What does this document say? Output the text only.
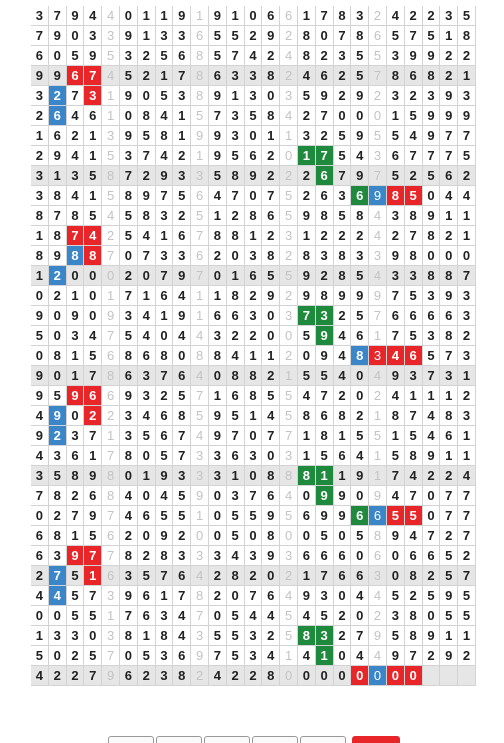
3 7 9 4 4 0 1 1 9 1 9 1 0 6 6 1 7 8 3 2 4 2 2 3 5
7 9 0 3 3 9 1 3 3 6 5 5 2 9 2 8 0 7 8 6 5 7 5 1 8
6 0 5 9 5 3 2 5 6 8 5 7 4 2 4 8 2 3 5 5 3 9 9 2 2
9 9 6 7 4 5 2 1 7 8 6 3 3 8 2 4 6 2 5 7 8 6 8 2 1
3 2 7 3 1 9 0 5 3 8 9 1 3 0 3 5 9 2 9 2 3 2 3 9 3
2 6 4 6 1 0 8 4 1 5 7 3 5 8 4 2 7 0 0 0 1 5 9 9 9
1 6 2 1 3 9 5 8 1 9 9 3 0 1 1 3 2 5 9 5 5 4 9 7 7
2 9 4 1 5 3 7 4 2 1 9 5 6 2 0 1 7 5 4 3 6 7 7 7 5
3 1 3 5 8 7 2 9 3 3 5 8 9 2 2 2 6 7 9 7 5 2 5 6 2
3 8 4 1 5 8 9 7 5 6 4 7 0 7 5 2 6 3 6 9 8 5 0 4 4
8 7 8 5 4 5 8 3 2 5 1 2 8 6 5 9 8 5 8 4 3 8 9 1 1
1 8 7 4 2 5 4 1 6 7 8 8 1 2 3 1 2 2 2 4 2 7 8 2 1
8 9 8 8 7 0 7 3 3 6 2 0 3 8 2 8 3 8 3 3 9 8 0 0 0
1 2 0 0 0 2 0 7 9 7 0 1 6 5 5 9 2 8 5 4 3 3 8 8 7
0 2 1 0 1 7 1 6 4 1 1 8 2 9 2 9 8 9 9 9 7 5 3 9 3
9 0 9 0 9 3 4 1 9 1 6 6 3 0 3 7 3 2 5 7 6 6 6 6 3
5 0 3 4 7 5 4 0 4 4 3 2 2 0 0 5 9 4 6 1 7 5 3 8 2
0 8 1 5 6 8 6 8 0 8 8 4 1 1 2 0 9 4 8 3 4 6 5 7 3
9 0 1 7 8 6 3 7 6 4 0 8 8 2 1 5 5 4 0 4 9 3 7 3 1
9 5 9 6 6 9 3 2 5 7 1 6 8 5 5 4 7 2 0 2 4 1 1 1 2
4 9 0 2 2 3 4 6 8 5 9 5 1 4 5 8 6 8 2 1 8 7 4 8 3
9 2 3 7 1 3 5 6 7 4 9 7 0 7 7 1 8 1 5 5 1 5 4 6 1
4 3 6 1 7 8 0 5 7 3 3 6 3 0 3 1 5 6 4 1 5 8 9 1 1
3 5 8 9 8 0 1 9 3 3 3 1 0 8 8 8 1 1 9 1 7 4 2 2 4
7 8 2 6 8 4 0 4 5 9 0 3 7 6 4 0 9 9 0 9 4 7 0 7 7
0 2 7 9 7 4 6 5 5 1 0 5 5 9 5 6 9 9 6 6 5 5 0 7 7
6 8 1 5 6 2 0 9 2 0 0 5 0 8 0 0 5 0 5 8 9 4 7 2 7
6 3 9 7 7 8 2 8 3 3 3 4 3 9 3 6 6 6 0 6 0 6 6 5 2
2 7 5 1 6 3 5 7 6 4 2 8 2 0 2 1 7 6 6 3 0 8 2 5 7
4 4 5 7 3 9 6 1 7 8 2 0 7 6 4 9 3 0 4 4 5 2 5 9 5
0 0 5 5 1 7 6 3 4 7 0 5 4 4 5 4 5 2 0 2 3 8 0 5 5
1 3 3 0 3 8 1 8 4 3 5 5 3 2 5 8 3 2 7 9 5 8 9 1 1
5 0 2 5 7 0 5 3 6 9 7 5 3 4 1 4 1 0 4 4 9 7 2 9 2
4 2 2 7 9 6 2 3 8 2 4 2 2 8 0 0 0 0 0 0 0 0
